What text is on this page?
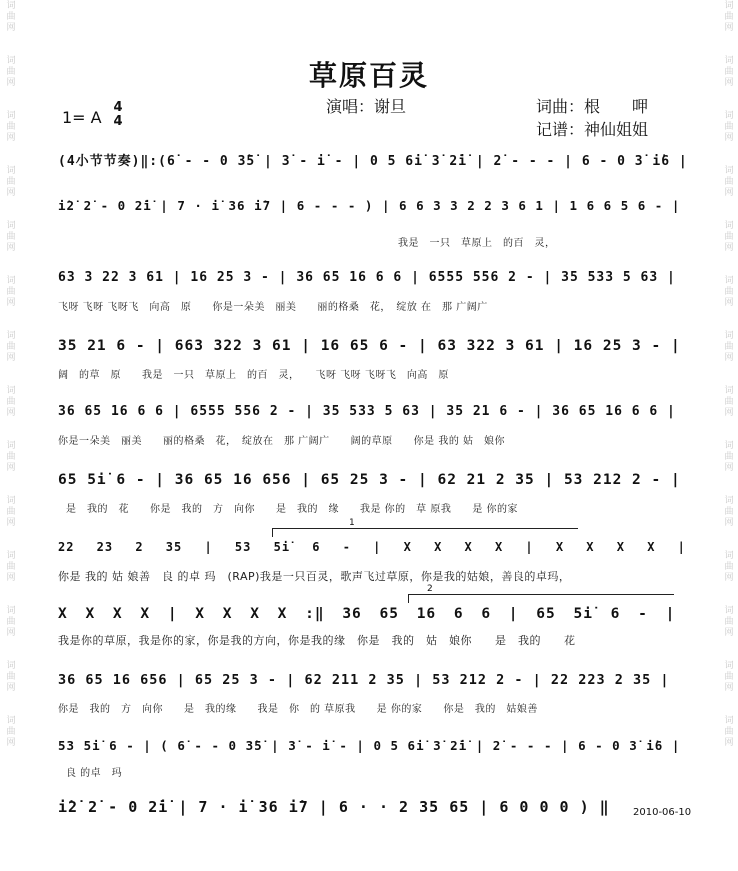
词曲网
词曲网
词曲网
词曲网
词曲网
词曲网
词曲网
词曲网
词曲网
词曲网
词曲网
词曲网
词曲网
词曲网
词曲网
词曲网
词曲网
词曲网
词曲网
词曲网
词曲网
词曲网
词曲网
词曲网
词曲网
词曲网
词曲网
词曲网
草原百灵
演唱：谢旦
1= A
4
4
词曲：根　　呷
记谱：神仙姐姐
(4小节节奏)‖:(6̇ - - 0 3̇5̇ | 3̇ - i̇ - | 0 5 6i̇ 3̇ 2̇i̇ | 2̇ - - - | 6 - 0 3̇ i̇6 |
i̇2̇ 2̇ - 0 2̇i̇ | 7 · i̇ 36 i̇7 | 6 - - - ) | 6 6 3 3 2 2 3 6 1 | 1 6 6 5 6 - |
我是　一只　草原上　的百　灵，
63 3 22 3 61 | 16 25 3 - | 36 65 16 6 6 | 6555 556 2 - | 35 533 5 63 |
飞呀 飞呀 飞呀飞　向高　原　　你是一朵美　丽美　　丽的格桑　花，　绽放 在　那 广阔广
35 21 6 - | 663 322 3 61 | 16 65 6 - | 63 322 3 61 | 16 25 3 - |
阔　的草　原　　我是　一只　草原上　的百　灵，　　飞呀 飞呀 飞呀飞　向高　原
36 65 16 6 6 | 6555 556 2 - | 35 533 5 63 | 35 21 6 - | 36 65 16 6 6 |
你是一朵美　丽美　　丽的格桑　花，　绽放在　那 广阔广　　阔的草原　　你是 我的 姑　娘你
65 5i̇ 6 - | 36 65 16 656 | 65 25 3 - | 62 21 2 35 | 53 212 2 - |
是　我的　花　　你是　我的　方　向你　　是　我的　缘　　我是 你的　草 原我　　是 你的家
1
22 23 2 35 | 53 5i̇ 6 - | X X X X | X X X X |
你是 我的 姑 娘善　良 的卓 玛　(RAP)我是一只百灵，歌声飞过草原，你是我的姑娘，善良的卓玛，
2
X X X X | X X X X :‖ 36 65 16 6 6 | 65 5i̇ 6 - |
我是你的草原，我是你的家，你是我的方向，你是我的缘　你是　我的　姑　娘你　　是　我的　　花
36 65 16 656 | 65 25 3 - | 62 211 2 35 | 53 212 2 - | 22 223 2 35 |
你是　我的　方　向你　　是　我的缘　　我是　你　的 草原我　　是 你的家　　你是　我的　姑娘善
53 5i̇ 6 - | ( 6̇ - - 0 3̇5̇ | 3̇ - i̇ - | 0 5 6i̇ 3̇ 2̇i̇ | 2̇ - - - | 6 - 0 3̇ i̇6 |
良 的卓　玛
i̇2̇ 2̇ - 0 2̇i̇ | 7 · i̇ 36 i̇7 | 6 · · 2 35 65 | 6 0 0 0 ) ‖ 2010-06-10
